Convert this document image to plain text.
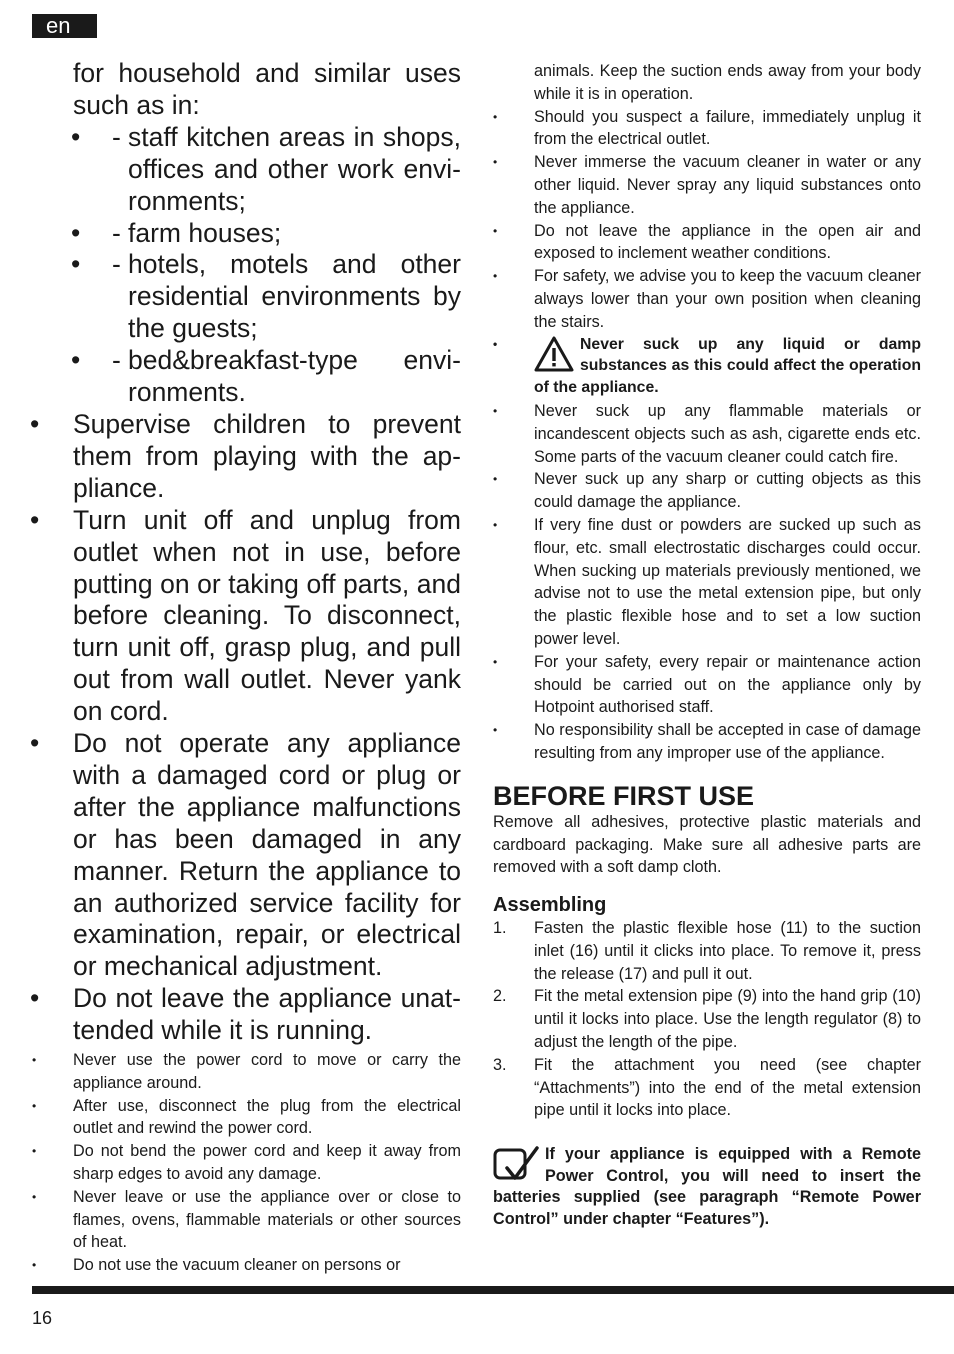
en
for household and similar uses such as in:
• - staff kitchen areas in shops, offices and other work envi-ronments;
• - farm houses;
• - hotels, motels and other residential environments by the guests;
• - bed&breakfast-type envi-ronments.
• Supervise children to prevent them from playing with the ap-pliance.
• Turn unit off and unplug from outlet when not in use, before putting on or taking off parts, and before cleaning. To disconnect, turn unit off, grasp plug, and pull out from wall outlet. Never yank on cord.
• Do not operate any appliance with a damaged cord or plug or after the appliance malfunctions or has been damaged in any manner. Return the appliance to an authorized service facility for examination, repair, or electrical or mechanical adjustment.
• Do not leave the appliance unat-tended while it is running.
• Never use the power cord to move or carry the appliance around.
• After use, disconnect the plug from the electrical outlet and rewind the power cord.
• Do not bend the power cord and keep it away from sharp edges to avoid any damage.
• Never leave or use the appliance over or close to flames, ovens, flammable materials or other sources of heat.
• Do not use the vacuum cleaner on persons or
animals. Keep the suction ends away from your body while it is in operation.
• Should you suspect a failure, immediately unplug it from the electrical outlet.
• Never immerse the vacuum cleaner in water or any other liquid. Never spray any liquid substances onto the appliance.
• Do not leave the appliance in the open air and exposed to inclement weather conditions.
• For safety, we advise you to keep the vacuum cleaner always lower than your own position when cleaning the stairs.
•	Never suck up any liquid or damp substances as this could affect the operation of the appliance.
• Never suck up any flammable materials or incandescent objects such as ash, cigarette ends etc. Some parts of the vacuum cleaner could catch fire.
• Never suck up any sharp or cutting objects as this could damage the appliance.
• If very fine dust or powders are sucked up such as flour, etc. small electrostatic discharges could occur. When sucking up materials previously mentioned, we advise not to use the metal extension pipe, but only the plastic flexible hose and to set a low suction power level.
• For your safety, every repair or maintenance action should be carried out on the appliance only by Hotpoint authorised staff.
• No responsibility shall be accepted in case of damage resulting from any improper use of the appliance.
BEFORE FIRST USE
Remove all adhesives, protective plastic materials and cardboard packaging. Make sure all adhesive parts are removed with a soft damp cloth.
Assembling
1. Fasten the plastic flexible hose (11) to the suction inlet (16) until it clicks into place. To remove it, press the release (17) and pull it out.
2. Fit the metal extension pipe (9) into the hand grip (10) until it locks into place. Use the length regulator (8) to adjust the length of the pipe.
3. Fit the attachment you need (see chapter “Attachments”) into the end of the metal extension pipe until it locks into place.
If your appliance is equipped with a Remote Power Control, you will need to insert the batteries supplied (see paragraph “Remote Power Control” under chapter “Features”).
16
